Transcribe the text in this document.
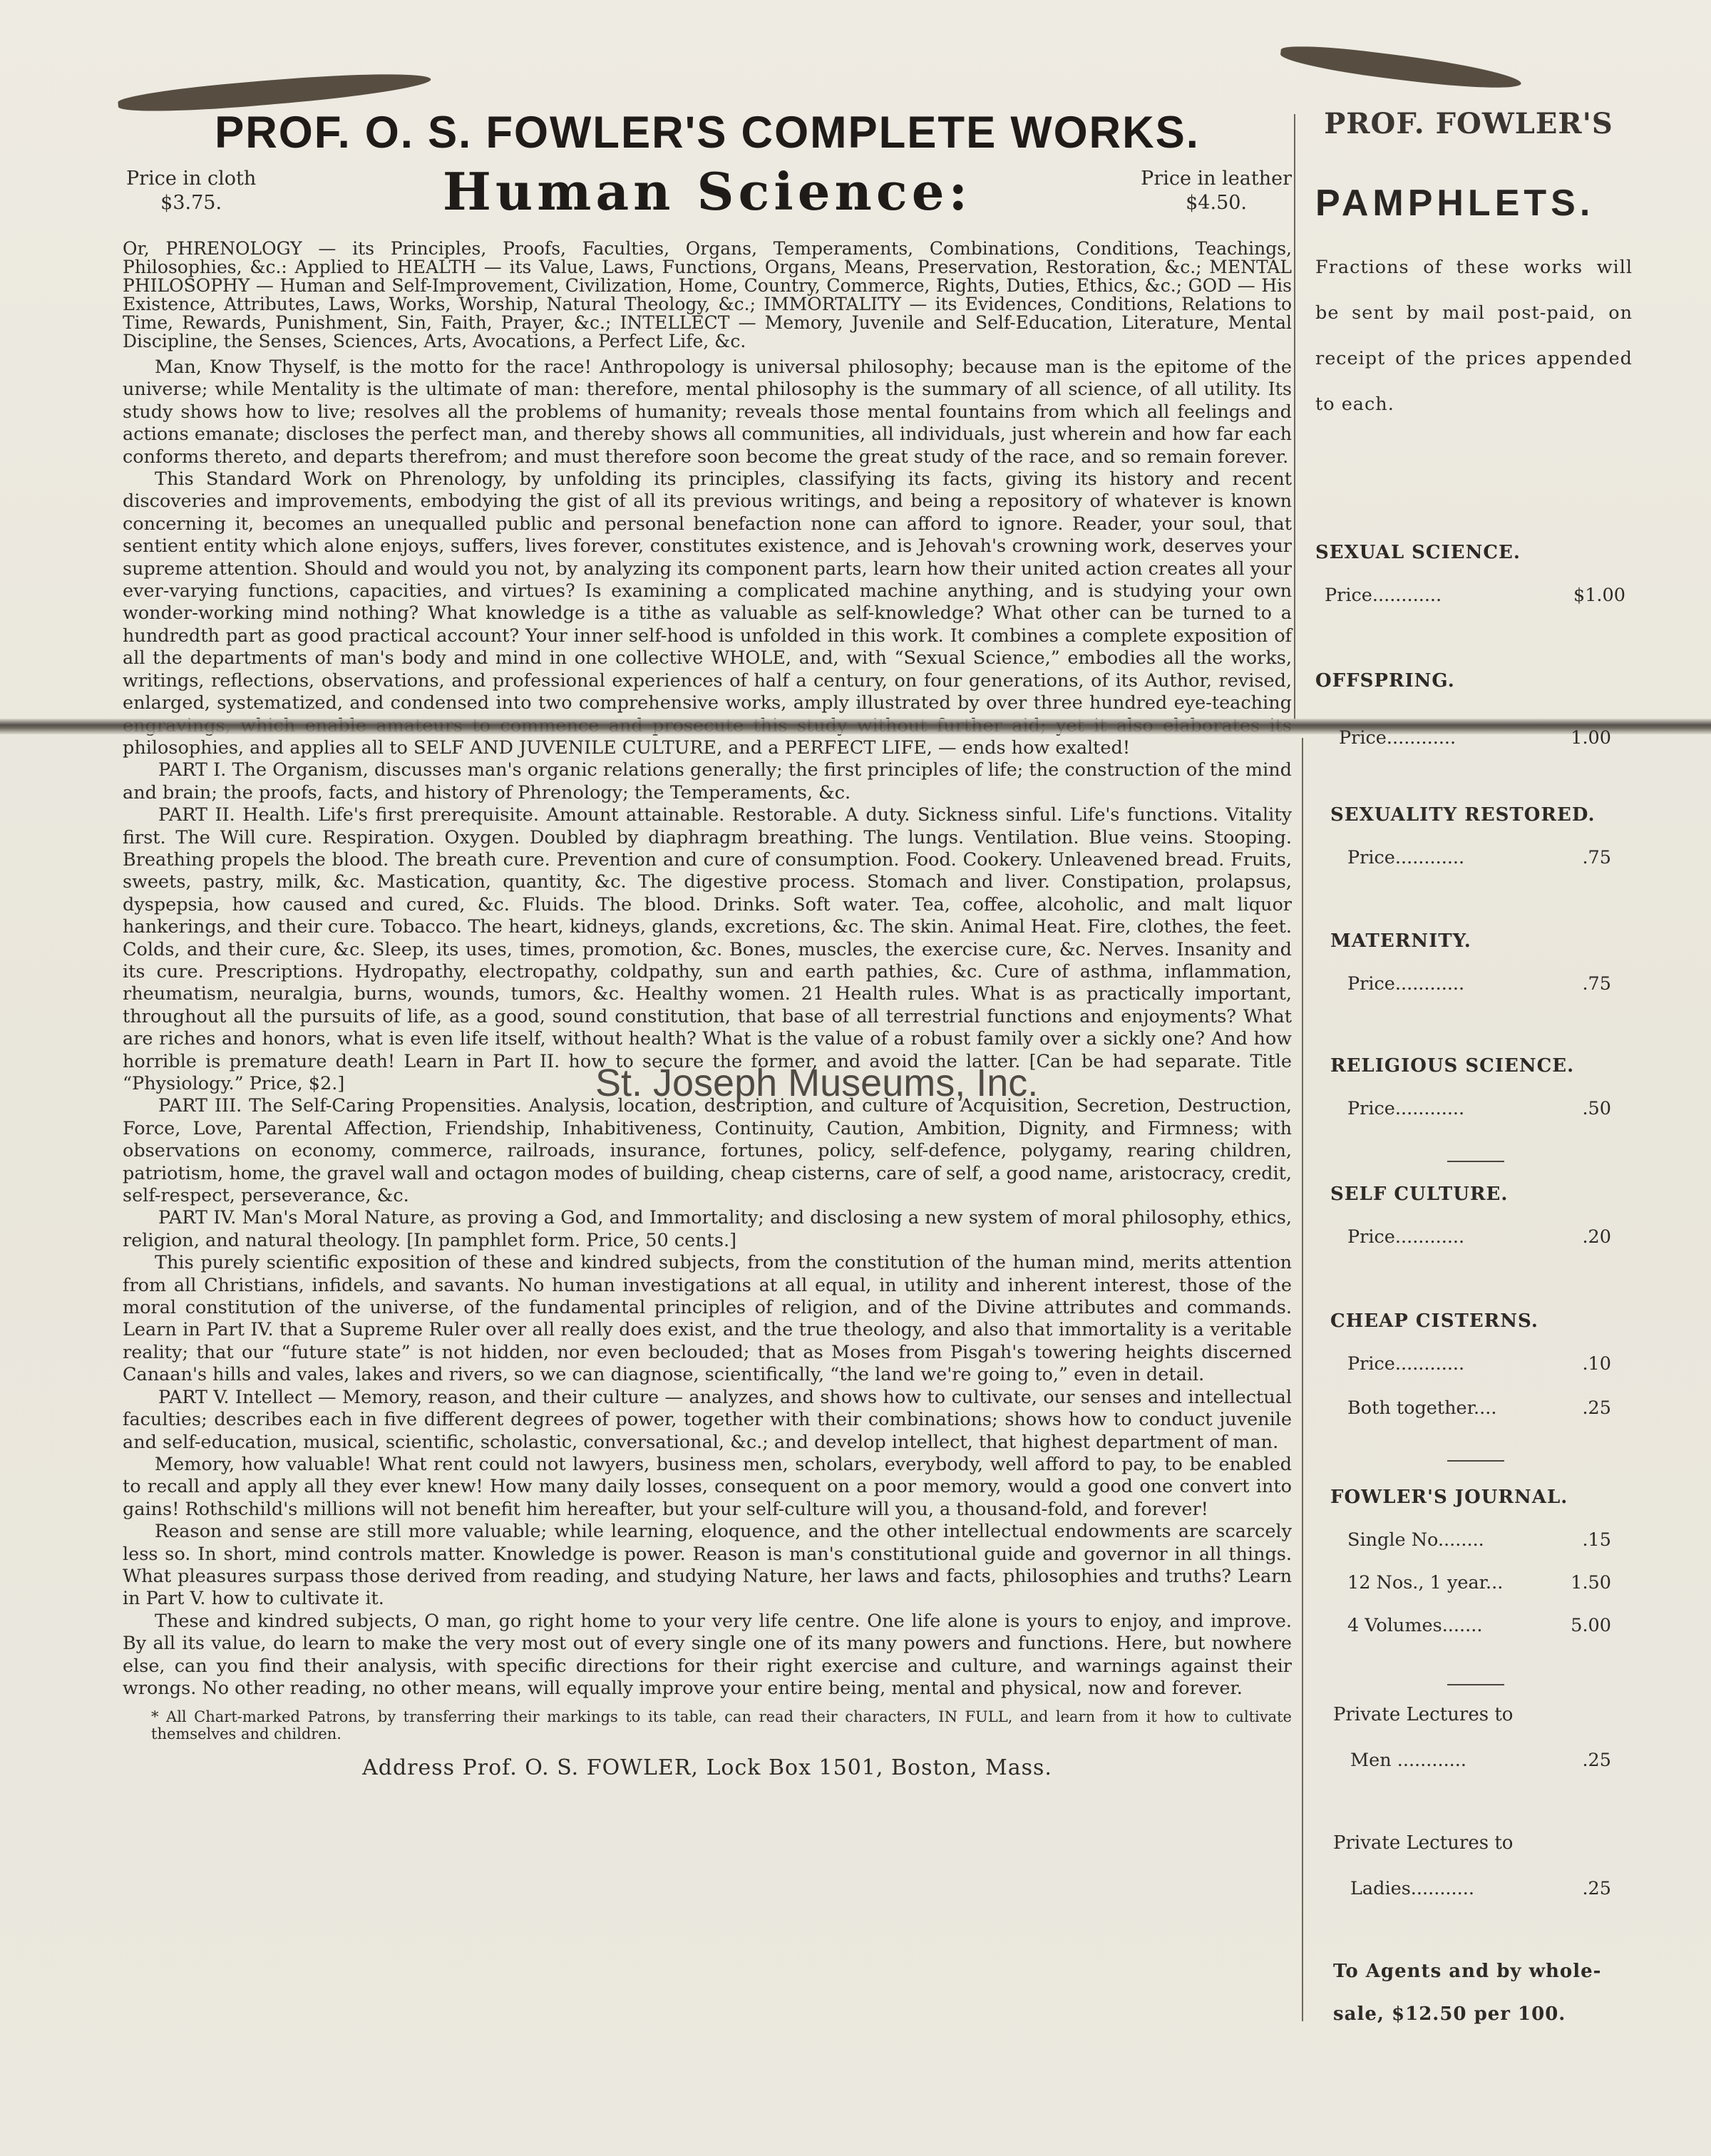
PROF. O. S. FOWLER'S COMPLETE WORKS.
Human Science:
Price in cloth
$3.75.
Price in leather
$4.50.

Or, PHRENOLOGY — its Principles, Proofs, Faculties, Organs, Temperaments, Combinations, Conditions, Teachings, Philosophies, &c.: Applied to HEALTH — its Value, Laws, Functions, Organs, Means, Preservation, Restoration, &c.; MENTAL PHILOSOPHY — Human and Self-Improvement, Civilization, Home, Country, Commerce, Rights, Duties, Ethics, &c.; GOD — His Existence, Attributes, Laws, Works, Worship, Natural Theology, &c.; IMMORTALITY — its Evidences, Conditions, Relations to Time, Rewards, Punishment, Sin, Faith, Prayer, &c.; INTELLECT — Memory, Juvenile and Self-Education, Literature, Mental Discipline, the Senses, Sciences, Arts, Avocations, a Perfect Life, &c.

Man, Know Thyself, is the motto for the race! Anthropology is universal philosophy; because man is the epitome of the universe; while Mentality is the ultimate of man: therefore, mental philosophy is the summary of all science, of all utility. Its study shows how to live; resolves all the problems of humanity; reveals those mental fountains from which all feelings and actions emanate; discloses the perfect man, and thereby shows all communities, all individuals, just wherein and how far each conforms thereto, and departs therefrom; and must therefore soon become the great study of the race, and so remain forever.

This Standard Work on Phrenology, by unfolding its principles, classifying its facts, giving its history and recent discoveries and improvements, embodying the gist of all its previous writings, and being a repository of whatever is known concerning it, becomes an unequalled public and personal benefaction none can afford to ignore. Reader, your soul, that sentient entity which alone enjoys, suffers, lives forever, constitutes existence, and is Jehovah's crowning work, deserves your supreme attention. Should and would you not, by analyzing its component parts, learn how their united action creates all your ever-varying functions, capacities, and virtues? Is examining a complicated machine anything, and is studying your own wonder-working mind nothing? What knowledge is a tithe as valuable as self-knowledge? What other can be turned to a hundredth part as good practical account? Your inner self-hood is unfolded in this work. It combines a complete exposition of all the departments of man's body and mind in one collective WHOLE, and, with “Sexual Science,” embodies all the works, writings, reflections, observations, and professional experiences of half a century, on four generations, of its Author, revised, enlarged, systematized, and condensed into two comprehensive works, amply illustrated by over three hundred eye-teaching philosophies, and applies all to SELF AND JUVENILE CULTURE, and a PERFECT LIFE, — ends how exalted!

PART I. The Organism, discusses man's organic relations generally; the first principles of life; the construction of the mind and brain; the proofs, facts, and history of Phrenology; the Temperaments, &c.

PART II. Health. Life's first prerequisite. Amount attainable. Restorable. A duty. Sickness sinful. Life's functions. Vitality first. The Will cure. Respiration. Oxygen. Doubled by diaphragm breathing. The lungs. Ventilation. Blue veins. Stooping. Breathing propels the blood. The breath cure. Prevention and cure of consumption. Food. Cookery. Unleavened bread. Fruits, sweets, pastry, milk, &c. Mastication, quantity, &c. The digestive process. Stomach and liver. Constipation, prolapsus, dyspepsia, how caused and cured, &c. Fluids. The blood. Drinks. Soft water. Tea, coffee, alcoholic, and malt liquor hankerings, and their cure. Tobacco. The heart, kidneys, glands, excretions, &c. The skin. Animal Heat. Fire, clothes, the feet. Colds, and their cure, &c. Sleep, its uses, times, promotion, &c. Bones, muscles, the exercise cure, &c. Nerves. Insanity and its cure. Prescriptions. Hydropathy, electropathy, coldpathy, sun and earth pathies, &c. Cure of asthma, inflammation, rheumatism, neuralgia, burns, wounds, tumors, &c. Healthy women. 21 Health rules. What is as practically important, throughout all the pursuits of life, as a good, sound constitution, that base of all terrestrial functions and enjoyments? What are riches and honors, what is even life itself, without health? What is the value of a robust family over a sickly one? And how horrible is premature death! Learn in Part II. how to secure the former, and avoid the latter. [Can be had separate. Title “Physiology.” Price, $2.]

PART III. The Self-Caring Propensities. Analysis, location, description, and culture of Acquisition, Secretion, Destruction, Force, Love, Parental Affection, Friendship, Inhabitiveness, Continuity, Caution, Ambition, Dignity, and Firmness; with observations on economy, commerce, railroads, insurance, fortunes, policy, self-defence, polygamy, rearing children, patriotism, home, the gravel wall and octagon modes of building, cheap cisterns, care of self, a good name, aristocracy, credit, self-respect, perseverance, &c.

PART IV. Man's Moral Nature, as proving a God, and Immortality; and disclosing a new system of moral philosophy, ethics, religion, and natural theology. [In pamphlet form. Price, 50 cents.]

This purely scientific exposition of these and kindred subjects, from the constitution of the human mind, merits attention from all Christians, infidels, and savants. No human investigations at all equal, in utility and inherent interest, those of the moral constitution of the universe, of the fundamental principles of religion, and of the Divine attributes and commands. Learn in Part IV. that a Supreme Ruler over all really does exist, and the true theology, and also that immortality is a veritable reality; that our “future state” is not hidden, nor even beclouded; that as Moses from Pisgah's towering heights discerned Canaan's hills and vales, lakes and rivers, so we can diagnose, scientifically, “the land we're going to,” even in detail.

PART V. Intellect — Memory, reason, and their culture — analyzes, and shows how to cultivate, our senses and intellectual faculties; describes each in five different degrees of power, together with their combinations; shows how to conduct juvenile and self-education, musical, scientific, scholastic, conversational, &c.; and develop intellect, that highest department of man.

Memory, how valuable! What rent could not lawyers, business men, scholars, everybody, well afford to pay, to be enabled to recall and apply all they ever knew! How many daily losses, consequent on a poor memory, would a good one convert into gains! Rothschild's millions will not benefit him hereafter, but your self-culture will you, a thousand-fold, and forever!

Reason and sense are still more valuable; while learning, eloquence, and the other intellectual endowments are scarcely less so. In short, mind controls matter. Knowledge is power. Reason is man's constitutional guide and governor in all things. What pleasures surpass those derived from reading, and studying Nature, her laws and facts, philosophies and truths? Learn in Part V. how to cultivate it.

These and kindred subjects, O man, go right home to your very life centre. One life alone is yours to enjoy, and improve. By all its value, do learn to make the very most out of every single one of its many powers and functions. Here, but nowhere else, can you find their analysis, with specific directions for their right exercise and culture, and warnings against their wrongs. No other reading, no other means, will equally improve your entire being, mental and physical, now and forever.

* All Chart-marked Patrons, by transferring their markings to its table, can read their characters, IN FULL, and learn from it how to cultivate themselves and children.
Address Prof. O. S. FOWLER, Lock Box 1501, Boston, Mass.
St. Joseph Museums, Inc.
PROF. FOWLER'S
PAMPHLETS.
Fractions of these works will be sent by mail post-paid, on receipt of the prices appended to each.
SEXUAL SCIENCE.
Price............	$1.00
OFFSPRING.
Price............	1.00
SEXUALITY RESTORED.
Price............	.75
MATERNITY.
Price............	.75
RELIGIOUS SCIENCE.
Price............	.50
SELF CULTURE.
Price............	.20
CHEAP CISTERNS.
Price............	.10
Both together....	.25
FOWLER'S JOURNAL.
Single No........	.15
12 Nos., 1 year...	1.50
4 Volumes.......	5.00
Private Lectures to
Men ............	.25
Private Lectures to
Ladies...........	.25
To Agents and by whole-sale, $12.50 per 100.
